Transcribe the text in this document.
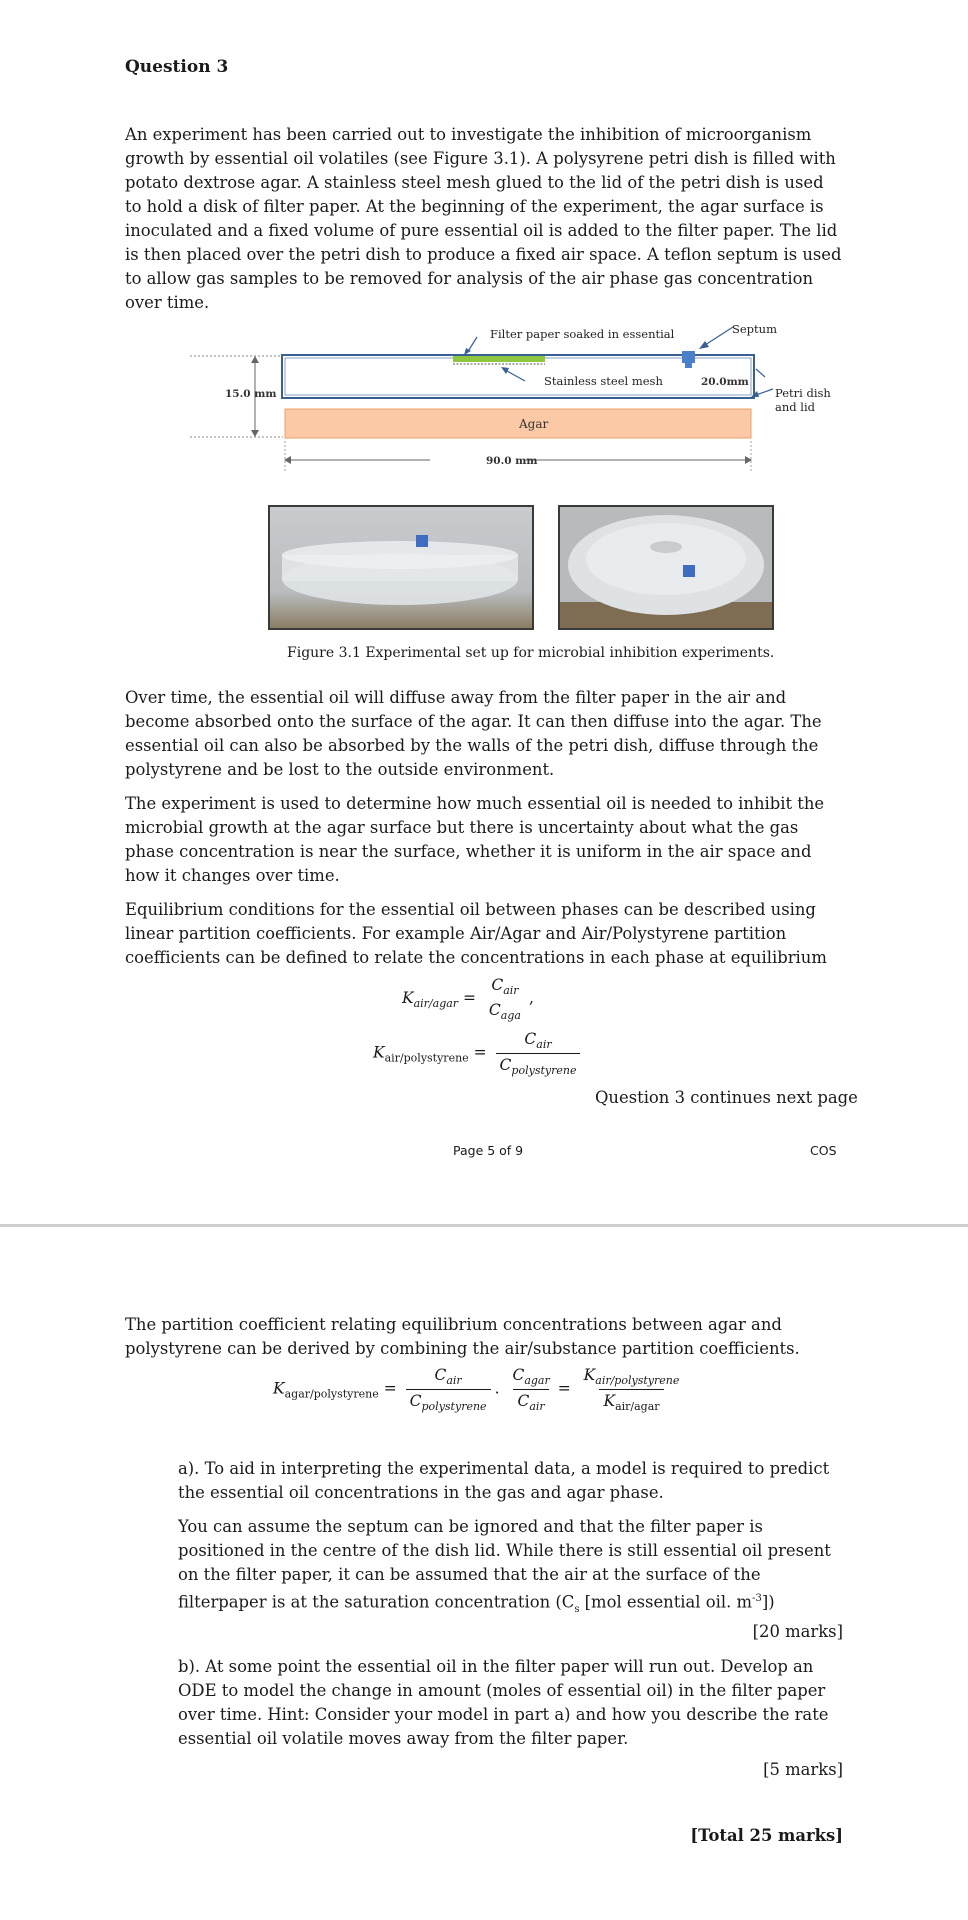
Question 3

An experiment has been carried out to investigate the inhibition of microorganism growth by essential oil volatiles (see Figure 3.1). A polysyrene petri dish is filled with potato dextrose agar. A stainless steel mesh glued to the lid of the petri dish is used to hold a disk of filter paper. At the beginning of the experiment, the agar surface is inoculated and a fixed volume of pure essential oil is added to the filter paper. The lid is then placed over the petri dish to produce a fixed air space. A teflon septum is used to allow gas samples to be removed for analysis of the air phase gas concentration over time.

Filter paper soaked in essential	Septum
Stainless steel mesh
15.0 mm
20.0mm
Petri dish
and lid
Agar
90.0 mm
Figure 3.1 Experimental set up for microbial inhibition experiments.

Over time, the essential oil will diffuse away from the filter paper in the air and become absorbed onto the surface of the agar. It can then diffuse into the agar. The essential oil can also be absorbed by the walls of the petri dish, diffuse through the polystyrene and be lost to the outside environment.

The experiment is used to determine how much essential oil is needed to inhibit the microbial growth at the agar surface but there is uncertainty about what the gas phase concentration is near the surface, whether it is uniform in the air space and how it changes over time.

Equilibrium conditions for the essential oil between phases can be described using linear partition coefficients. For example Air/Agar and Air/Polystyrene partition coefficients can be defined to relate the concentrations in each phase at equilibrium

$K_{air/agar}$ =
$C_{air}$
$C_{aga}$
,
$K_{air/polystyrene} = \frac{C_{air}}{C_{polystyrene}}$
Question 3 continues next page
Page 5 of 9	COS

The partition coefficient relating equilibrium concentrations between agar and polystyrene can be derived by combining the air/substance partition coefficients.

$K_{agar/polystyrene} = \frac{C_{air}}{C_{polystyrene}}$ . $\frac{C_{agar}}{C_{air}} = \frac{K_{air/polystyrene}}{K_{air/agar}}$

a). To aid in interpreting the experimental data, a model is required to predict the essential oil concentrations in the gas and agar phase.

You can assume the septum can be ignored and that the filter paper is positioned in the centre of the dish lid. While there is still essential oil present on the filter paper, it can be assumed that the air at the surface of the filterpaper is at the saturation concentration ($C_s$ [mol essential oil. $m^{-3}$])

[20 marks]

b). At some point the essential oil in the filter paper will run out. Develop an ODE to model the change in amount (moles of essential oil) in the filter paper over time. Hint: Consider your model in part a) and how you describe the rate essential oil volatile moves away from the filter paper.

[5 marks]
[Total 25 marks]
